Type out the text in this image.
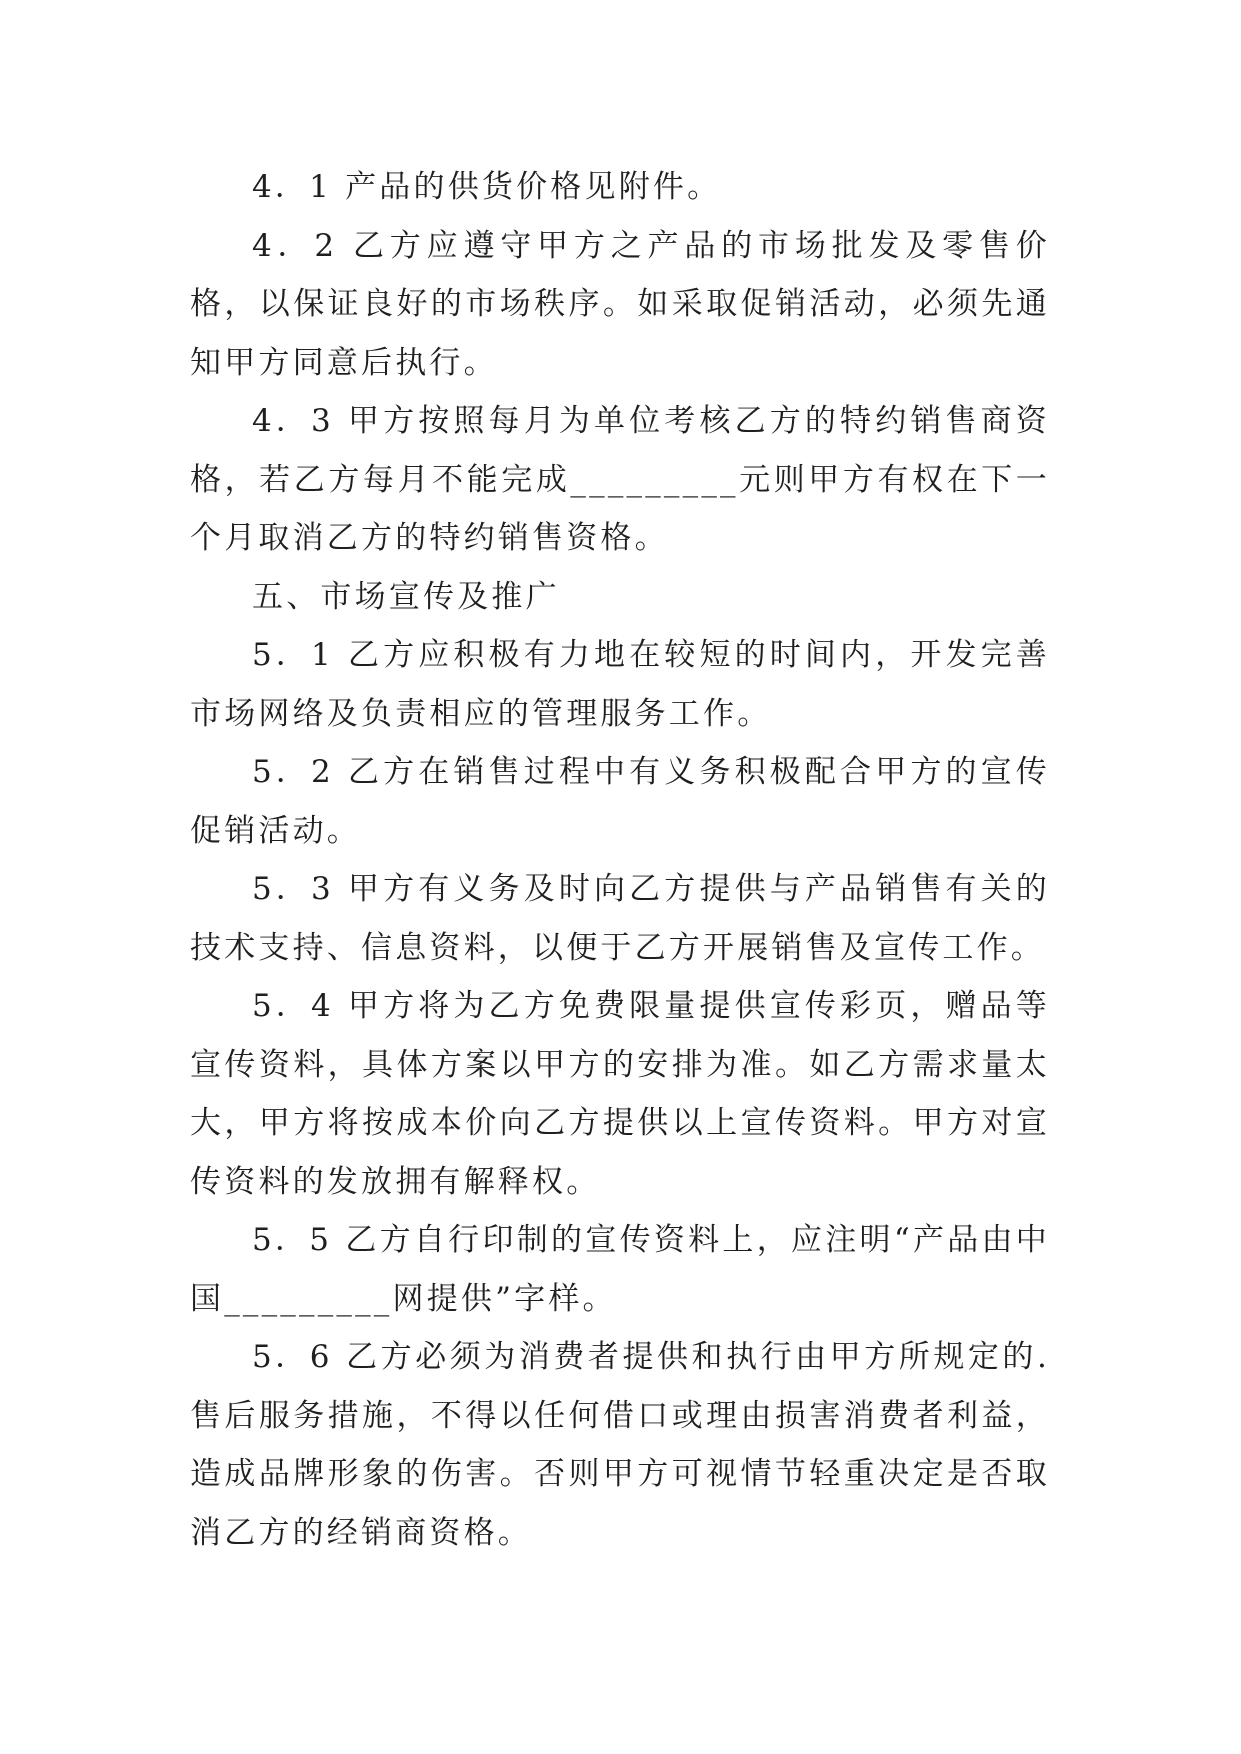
4．1 产品的供货价格见附件。

4．2 乙方应遵守甲方之产品的市场批发及零售价格，以保证良好的市场秩序。如采取促销活动，必须先通知甲方同意后执行。

4．3 甲方按照每月为单位考核乙方的特约销售商资格，若乙方每月不能完成_________元则甲方有权在下一个月取消乙方的特约销售资格。

五、市场宣传及推广

5．1 乙方应积极有力地在较短的时间内，开发完善市场网络及负责相应的管理服务工作。

5．2 乙方在销售过程中有义务积极配合甲方的宣传促销活动。

5．3 甲方有义务及时向乙方提供与产品销售有关的技术支持、信息资料，以便于乙方开展销售及宣传工作。

5．4 甲方将为乙方免费限量提供宣传彩页，赠品等宣传资料，具体方案以甲方的安排为准。如乙方需求量太大，甲方将按成本价向乙方提供以上宣传资料。甲方对宣传资料的发放拥有解释权。

5．5 乙方自行印制的宣传资料上，应注明“产品由中国_________网提供”字样。

5．6 乙方必须为消费者提供和执行由甲方所规定的.售后服务措施，不得以任何借口或理由损害消费者利益，造成品牌形象的伤害。否则甲方可视情节轻重决定是否取消乙方的经销商资格。
